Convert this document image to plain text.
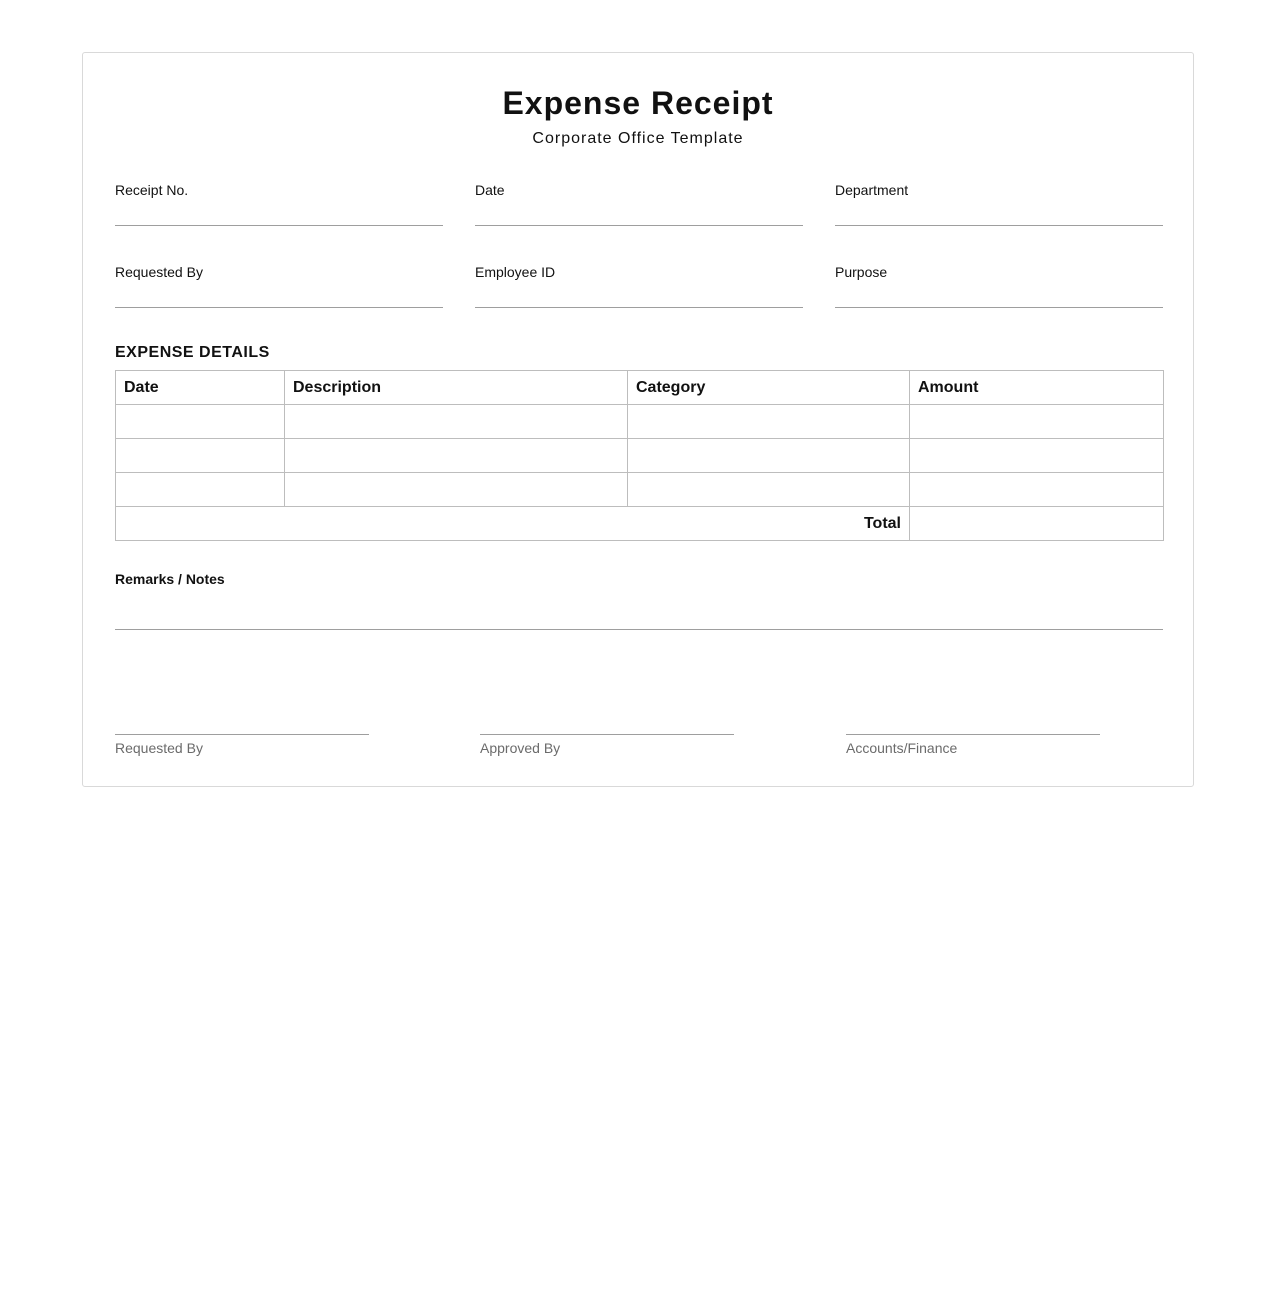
Expense Receipt
Corporate Office Template
Receipt No.	Date	Department
Requested By	Employee ID	Purpose
EXPENSE DETAILS
Date	Description	Category	Amount

Total			
Remarks / Notes
Requested By	Approved By	Accounts/Finance
